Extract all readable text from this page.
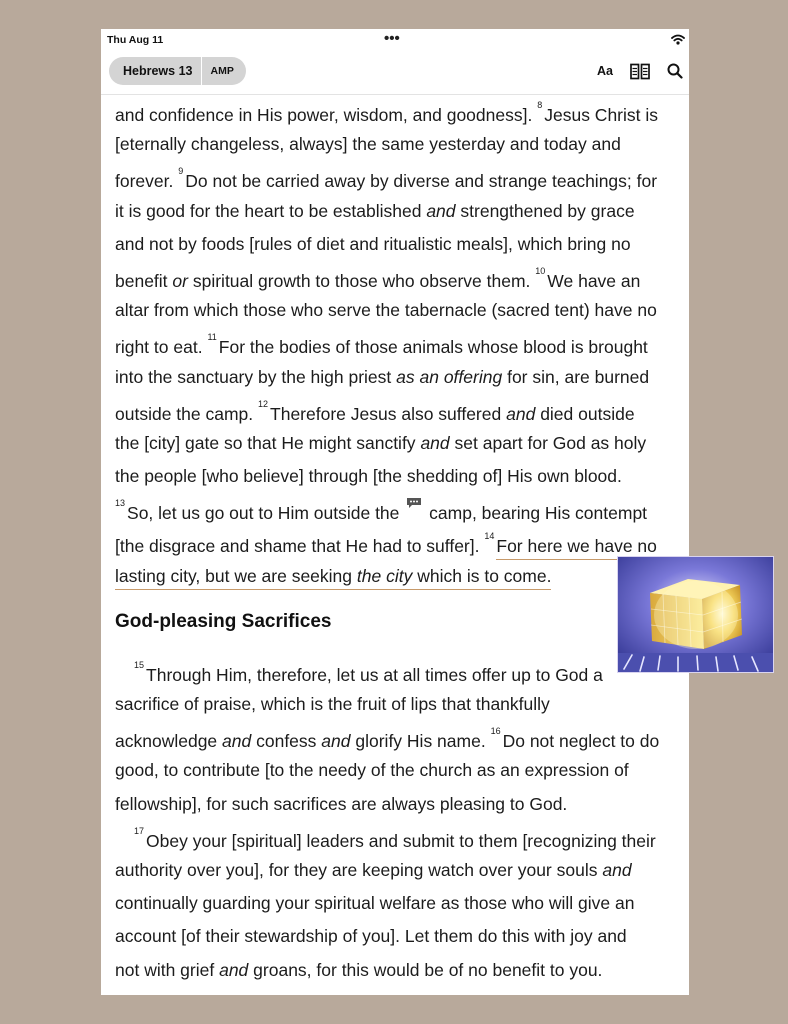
Thu Aug 11	•••
Hebrews 13	AMP	Aa
and confidence in His power, wisdom, and goodness]. $^8$ Jesus Christ is
[eternally changeless, always] the same yesterday and today and
forever. $^9$ Do not be carried away by diverse and strange teachings; for
it is good for the heart to be established and strengthened by grace
and not by foods [rules of diet and ritualistic meals], which bring no
benefit or spiritual growth to those who observe them. $^{10}$ We have an
altar from which those who serve the tabernacle (sacred tent) have no
right to eat. $^{11}$ For the bodies of those animals whose blood is brought
into the sanctuary by the high priest as an offering for sin, are burned
outside the camp. $^{12}$ Therefore Jesus also suffered and died outside
the [city] gate so that He might sanctify and set apart for God as holy
the people [who believe] through [the shedding of] His own blood.
$^{13}$ So, let us go out to Him outside the camp, bearing His contempt
[the disgrace and shame that He had to suffer]. $^{14}$ For here we have no
lasting city, but we are seeking the city which is to come.
God-pleasing Sacrifices
$^{15}$ Through Him, therefore, let us at all times offer up to God a
sacrifice of praise, which is the fruit of lips that thankfully
acknowledge and confess and glorify His name. $^{16}$ Do not neglect to do
good, to contribute [to the needy of the church as an expression of
fellowship], for such sacrifices are always pleasing to God.
$^{17}$ Obey your [spiritual] leaders and submit to them [recognizing their
authority over you], for they are keeping watch over your souls and
continually guarding your spiritual welfare as those who will give an
account [of their stewardship of you]. Let them do this with joy and
not with grief and groans, for this would be of no benefit to you.
